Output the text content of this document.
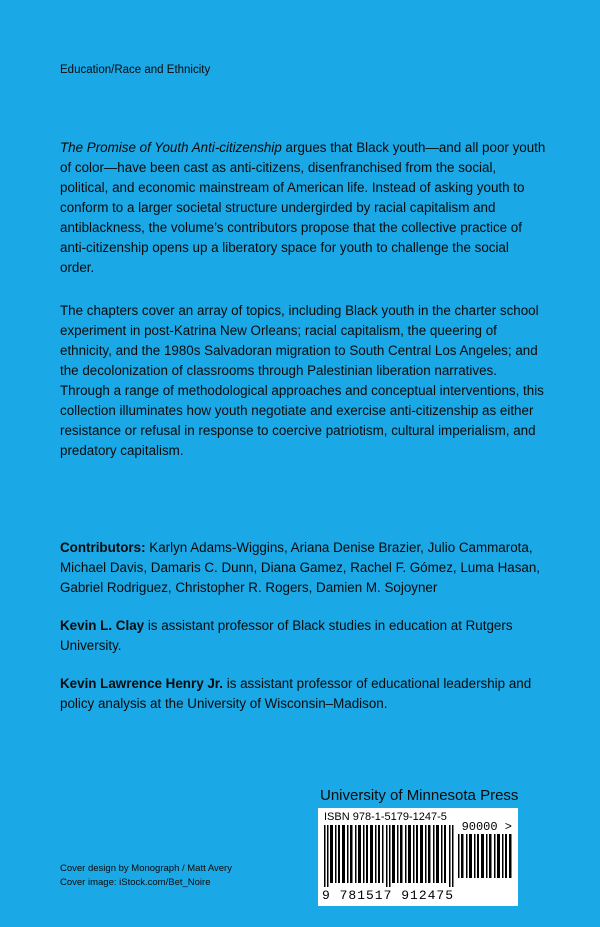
Education/Race and Ethnicity

The Promise of Youth Anti-citizenship argues that Black youth—and all poor youth of color—have been cast as anti-citizens, disenfranchised from the social, political, and economic mainstream of American life. Instead of asking youth to conform to a larger societal structure undergirded by racial capitalism and antiblackness, the volume’s contributors propose that the collective practice of anti-citizenship opens up a liberatory space for youth to challenge the social order.

The chapters cover an array of topics, including Black youth in the charter school experiment in post-Katrina New Orleans; racial capitalism, the queering of ethnicity, and the 1980s Salvadoran migration to South Central Los Angeles; and the decolonization of classrooms through Palestinian liberation narratives. Through a range of methodological approaches and conceptual interventions, this collection illuminates how youth negotiate and exercise anti-citizenship as either resistance or refusal in response to coercive patriotism, cultural imperialism, and predatory capitalism.

Contributors: Karlyn Adams-Wiggins, Ariana Denise Brazier, Julio Cammarota, Michael Davis, Damaris C. Dunn, Diana Gamez, Rachel F. Gómez, Luma Hasan, Gabriel Rodriguez, Christopher R. Rogers, Damien M. Sojoyner

Kevin L. Clay is assistant professor of Black studies in education at Rutgers University.

Kevin Lawrence Henry Jr. is assistant professor of educational leadership and policy analysis at the University of Wisconsin–Madison.

University of Minnesota Press
ISBN 978-1-5179-1247-5
90000 >
9 781517 912475
Cover design by Monograph / Matt Avery
Cover image: iStock.com/Bet_Noire
